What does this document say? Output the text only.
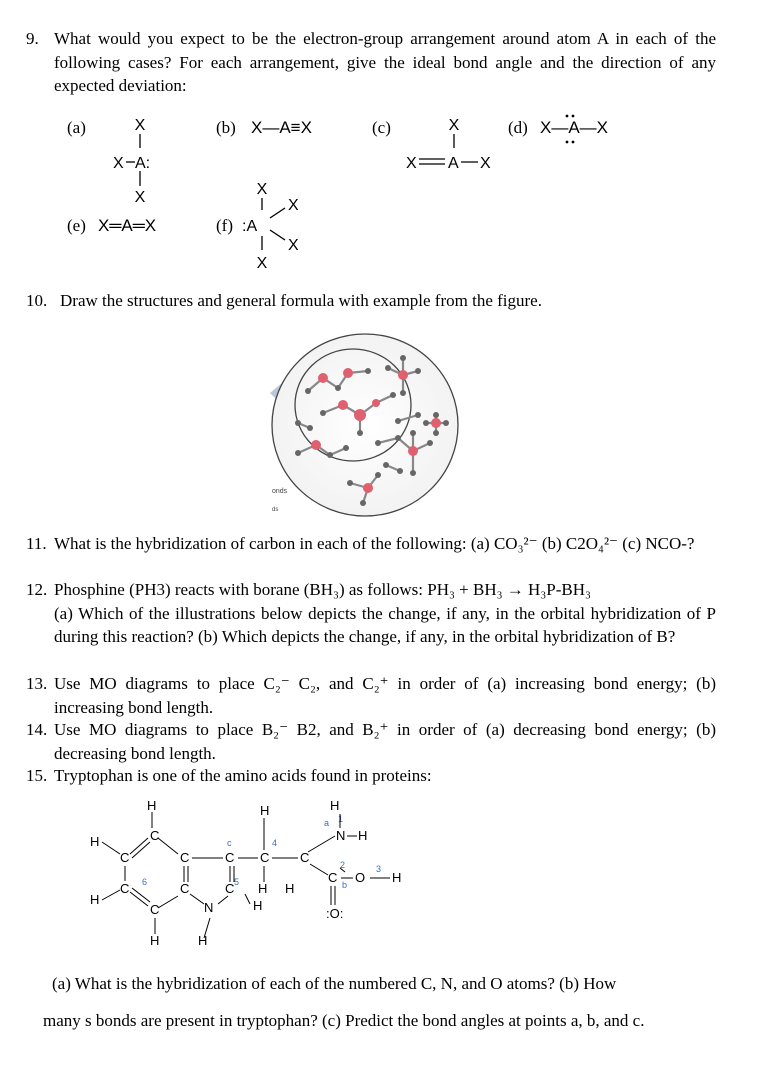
9. What would you expect to be the electron-group arrangement around atom A in each of the following cases? For each arrangement, give the ideal bond angle and the direction of any expected deviation:
(a)	X
X A:
X
(b) X—A≡X	(c)	X
X A X
(d) X—A—X
(e) X═A═X	(f)
X
:A
X
X
X
10. Draw the structures and general formula with example from the figure.
onds
ds
11. What is the hybridization of carbon in each of the following: (a) CO₃²⁻ (b) C2O₄²⁻ (c) NCO-?
12. Phosphine (PH3) reacts with borane (BH₃) as follows: PH₃ + BH₃ → H₃P-BH₃
(a) Which of the illustrations below depicts the change, if any, in the orbital hybridization of P during this reaction? (b) Which depicts the change, if any, in the orbital hybridization of B?
13. Use MO diagrams to place C₂⁻ C₂, and C₂⁺ in order of (a) increasing bond energy; (b) increasing bond length.
14. Use MO diagrams to place B₂⁻ B2, and B₂⁺ in order of (a) decreasing bond energy; (b) decreasing bond length.
15. Tryptophan is one of the amino acids found in proteins:
H
H
C
C
C
H
C
H
C
C
N
H
C
C
H
H
C
H H
C
H
N H
C O H
:O:
6	5
4
2	3
1
c
a
b
(a) What is the hybridization of each of the numbered C, N, and O atoms? (b) How
many s bonds are present in tryptophan? (c) Predict the bond angles at points a, b, and c.
